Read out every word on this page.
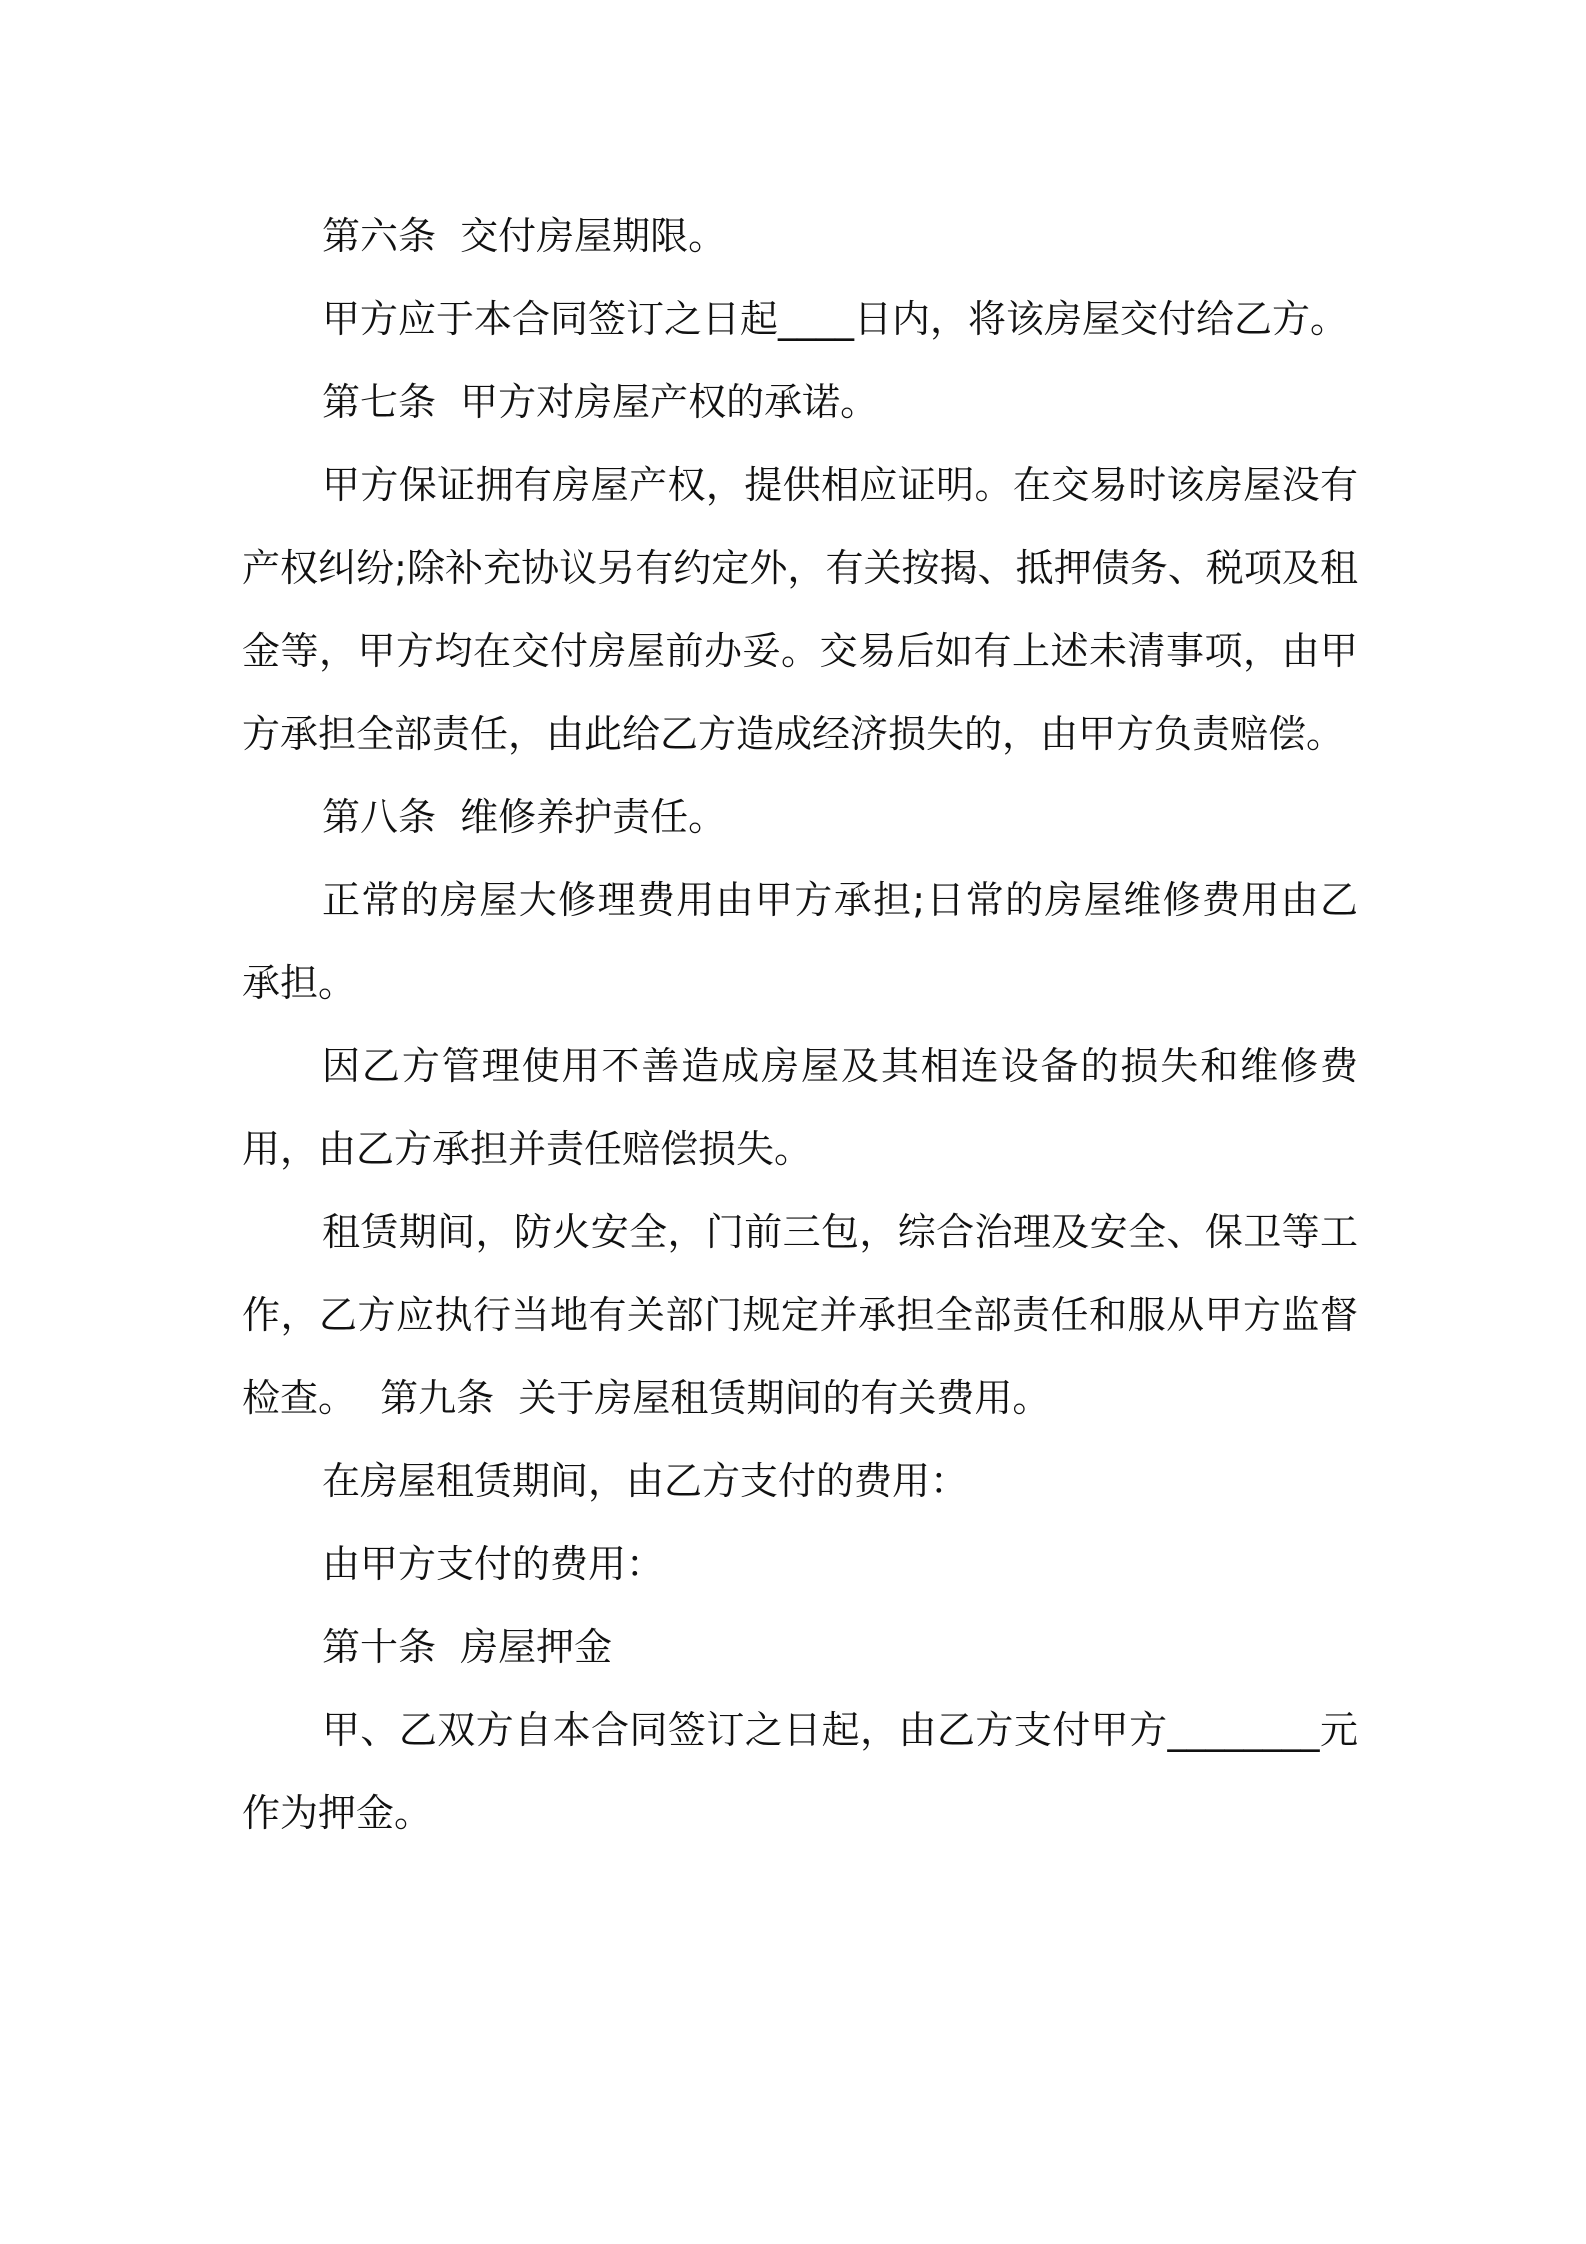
第六条  交付房屋期限。

甲方应于本合同签订之日起____日内，将该房屋交付给乙方。

第七条  甲方对房屋产权的承诺。

甲方保证拥有房屋产权，提供相应证明。在交易时该房屋没有产权纠纷;除补充协议另有约定外，有关按揭、抵押债务、税项及租金等，甲方均在交付房屋前办妥。交易后如有上述未清事项，由甲方承担全部责任，由此给乙方造成经济损失的，由甲方负责赔偿。

第八条  维修养护责任。

正常的房屋大修理费用由甲方承担;日常的房屋维修费用由乙承担。

因乙方管理使用不善造成房屋及其相连设备的损失和维修费用，由乙方承担并责任赔偿损失。

租赁期间，防火安全，门前三包，综合治理及安全、保卫等工作，乙方应执行当地有关部门规定并承担全部责任和服从甲方监督检查。  第九条  关于房屋租赁期间的有关费用。

在房屋租赁期间，由乙方支付的费用：

由甲方支付的费用：

第十条  房屋押金

甲、乙双方自本合同签订之日起，由乙方支付甲方________元作为押金。
